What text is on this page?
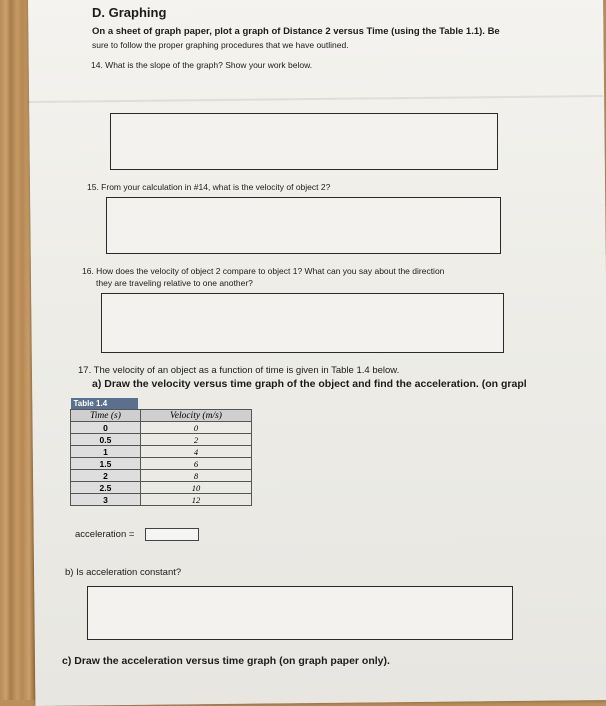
D. Graphing
On a sheet of graph paper, plot a graph of Distance 2 versus Time (using the Table 1.1). Be
sure to follow the proper graphing procedures that we have outlined.
14. What is the slope of the graph? Show your work below.
15. From your calculation in #14, what is the velocity of object 2?
16. How does the velocity of object 2 compare to object 1? What can you say about the direction
they are traveling relative to one another?
17. The velocity of an object as a function of time is given in Table 1.4 below.
a) Draw the velocity versus time graph of the object and find the acceleration. (on grapl
Table 1.4	

Time (s)	Velocity (m/s)
0	0
0.5	2
1	4
1.5	6
2	8
2.5	10
3	12
acceleration =
b) Is acceleration constant?
c) Draw the acceleration versus time graph (on graph paper only).
